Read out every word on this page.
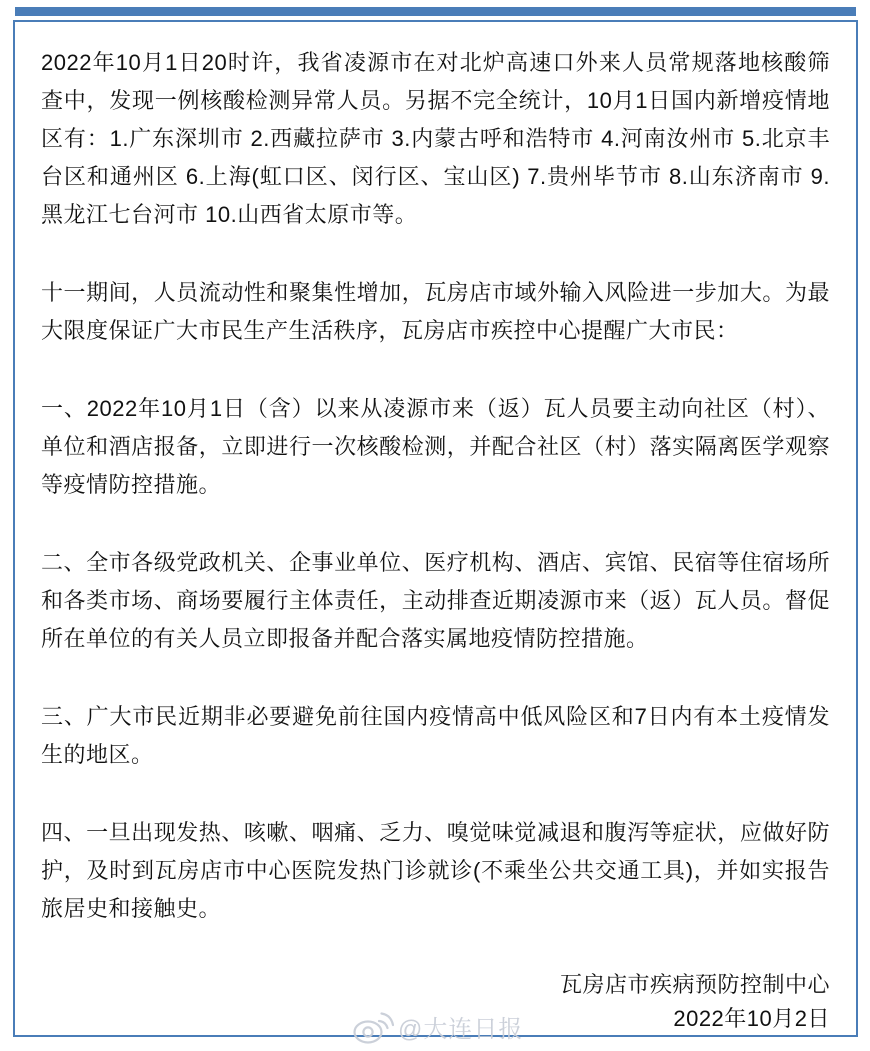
2022年10月1日20时许，我省凌源市在对北炉高速口外来人员常规落地核酸筛查中，发现一例核酸检测异常人员。另据不完全统计，10月1日国内新增疫情地区有：1.广东深圳市 2.西藏拉萨市 3.内蒙古呼和浩特市 4.河南汝州市 5.北京丰台区和通州区 6.上海(虹口区、闵行区、宝山区) 7.贵州毕节市 8.山东济南市 9.黑龙江七台河市 10.山西省太原市等。

十一期间，人员流动性和聚集性增加，瓦房店市域外输入风险进一步加大。为最大限度保证广大市民生产生活秩序，瓦房店市疾控中心提醒广大市民：

一、2022年10月1日（含）以来从凌源市来（返）瓦人员要主动向社区（村）、单位和酒店报备，立即进行一次核酸检测，并配合社区（村）落实隔离医学观察等疫情防控措施。

二、全市各级党政机关、企事业单位、医疗机构、酒店、宾馆、民宿等住宿场所和各类市场、商场要履行主体责任，主动排查近期凌源市来（返）瓦人员。督促所在单位的有关人员立即报备并配合落实属地疫情防控措施。

三、广大市民近期非必要避免前往国内疫情高中低风险区和7日内有本土疫情发生的地区。

四、一旦出现发热、咳嗽、咽痛、乏力、嗅觉味觉减退和腹泻等症状，应做好防护，及时到瓦房店市中心医院发热门诊就诊(不乘坐公共交通工具)，并如实报告旅居史和接触史。

瓦房店市疾病预防控制中心

2022年10月2日

@大连日报
